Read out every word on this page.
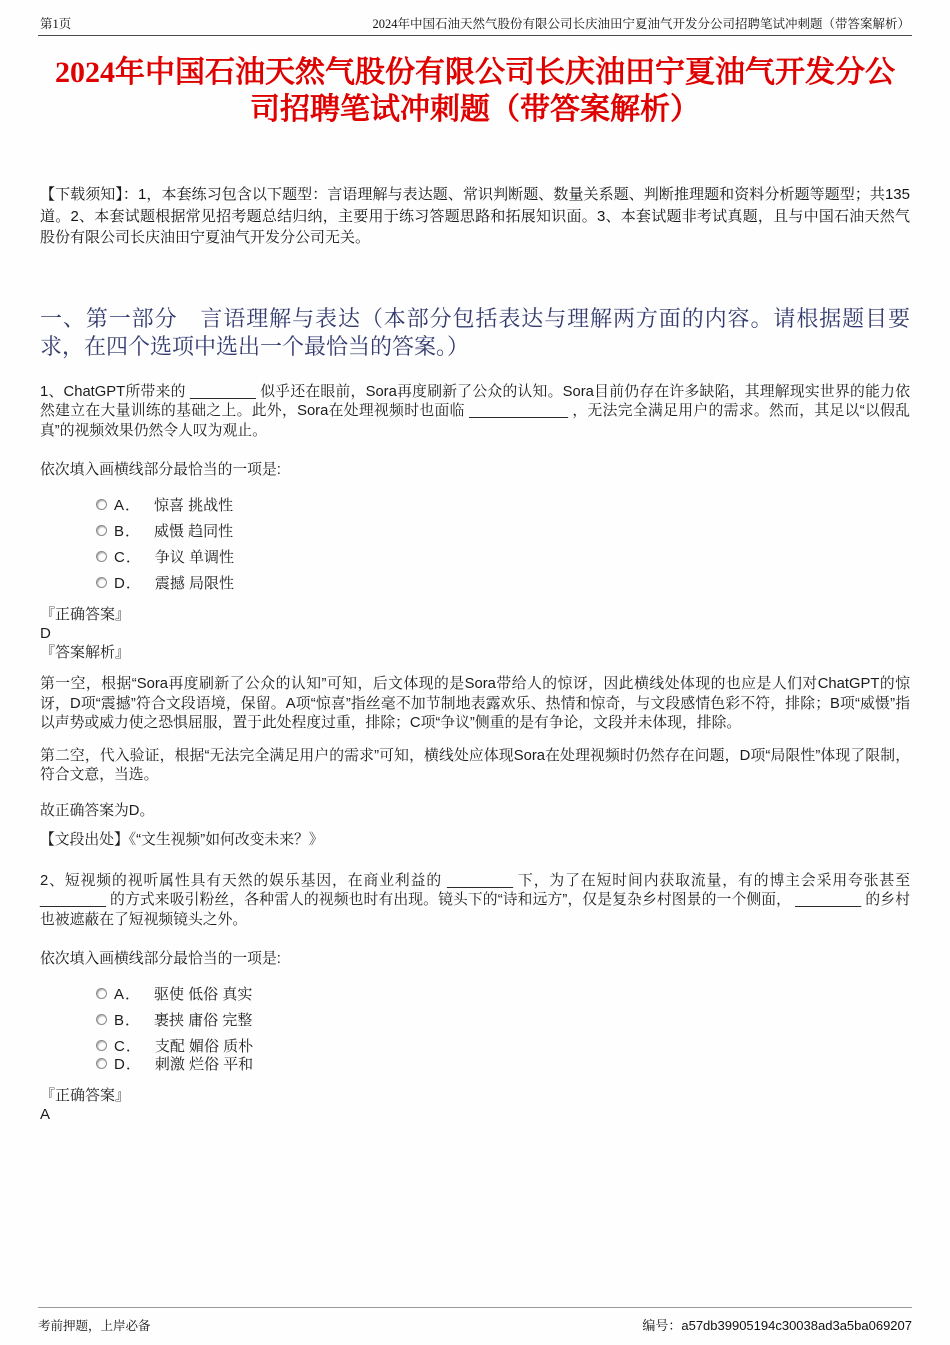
第1页	2024年中国石油天然气股份有限公司长庆油田宁夏油气开发分公司招聘笔试冲刺题（带答案解析）
2024年中国石油天然气股份有限公司长庆油田宁夏油气开发分公司招聘笔试冲刺题（带答案解析）

【下载须知】：1，本套练习包含以下题型：言语理解与表达题、常识判断题、数量关系题、判断推理题和资料分析题等题型；共135道。2、本套试题根据常见招考题总结归纳，主要用于练习答题思路和拓展知识面。3、本套试题非考试真题，且与中国石油天然气股份有限公司长庆油田宁夏油气开发分公司无关。

一、第一部分　言语理解与表达（本部分包括表达与理解两方面的内容。请根据题目要求，在四个选项中选出一个最恰当的答案。）

1、ChatGPT所带来的 ________ 似乎还在眼前，Sora再度刷新了公众的认知。Sora目前仍存在许多缺陷，其理解现实世界的能力依然建立在大量训练的基础之上。此外，Sora在处理视频时也面临 ____________ ，无法完全满足用户的需求。然而，其足以“以假乱真”的视频效果仍然令人叹为观止。

依次填入画横线部分最恰当的一项是:

A． 惊喜 挑战性
B． 威慑 趋同性
C． 争议 单调性
D． 震撼 局限性

『正确答案』

D

『答案解析』

第一空，根据“Sora再度刷新了公众的认知”可知，后文体现的是Sora带给人的惊讶，因此横线处体现的也应是人们对ChatGPT的惊讶，D项“震撼”符合文段语境，保留。A项“惊喜”指丝毫不加节制地表露欢乐、热情和惊奇，与文段感情色彩不符，排除；B项“威慑”指以声势或威力使之恐惧屈服，置于此处程度过重，排除；C项“争议”侧重的是有争论，文段并未体现，排除。

第二空，代入验证，根据“无法完全满足用户的需求”可知，横线处应体现Sora在处理视频时仍然存在问题，D项“局限性”体现了限制，符合文意，当选。

故正确答案为D。

【文段出处】《“文生视频”如何改变未来？》

2、短视频的视听属性具有天然的娱乐基因，在商业利益的 ________ 下，为了在短时间内获取流量，有的博主会采用夸张甚至 ________ 的方式来吸引粉丝，各种雷人的视频也时有出现。镜头下的“诗和远方”，仅是复杂乡村图景的一个侧面， ________ 的乡村也被遮蔽在了短视频镜头之外。

依次填入画横线部分最恰当的一项是:

A． 驱使 低俗 真实
B． 裹挟 庸俗 完整
C． 支配 媚俗 质朴
D． 刺激 烂俗 平和

『正确答案』

A

考前押题，上岸必备	编号：a57db39905194c30038ad3a5ba069207
